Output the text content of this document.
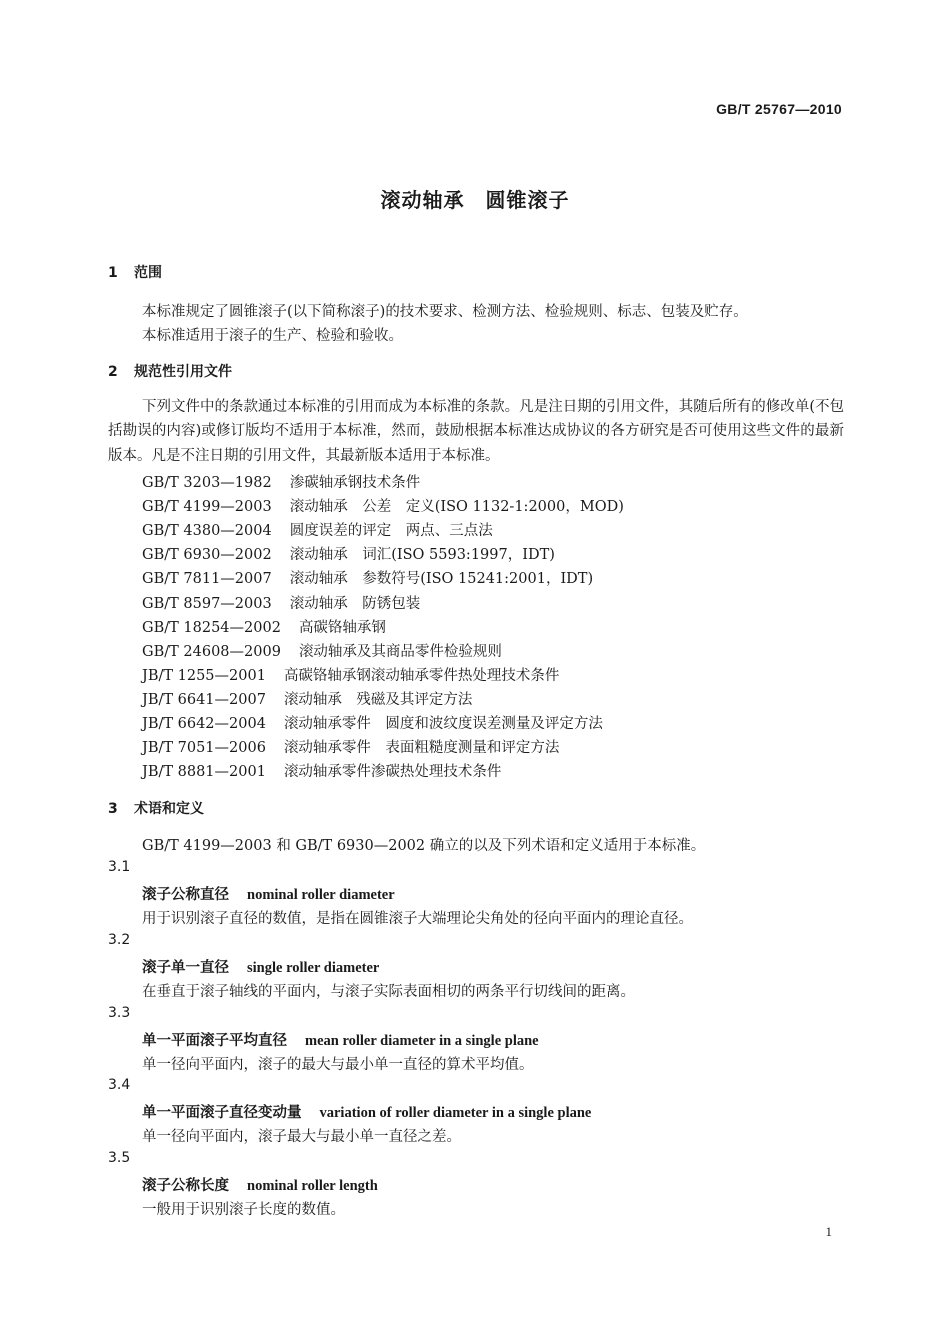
GB/T 25767—2010
滚动轴承　圆锥滚子
1 范围
本标准规定了圆锥滚子(以下简称滚子)的技术要求、检测方法、检验规则、标志、包装及贮存。
本标准适用于滚子的生产、检验和验收。
2 规范性引用文件
下列文件中的条款通过本标准的引用而成为本标准的条款。凡是注日期的引用文件，其随后所有的修改单(不包括勘误的内容)或修订版均不适用于本标准，然而，鼓励根据本标准达成协议的各方研究是否可使用这些文件的最新版本。凡是不注日期的引用文件，其最新版本适用于本标准。
GB/T 3203—1982 渗碳轴承钢技术条件
GB/T 4199—2003 滚动轴承　公差　定义(ISO 1132-1:2000，MOD)
GB/T 4380—2004 圆度误差的评定　两点、三点法
GB/T 6930—2002 滚动轴承　词汇(ISO 5593:1997，IDT)
GB/T 7811—2007 滚动轴承　参数符号(ISO 15241:2001，IDT)
GB/T 8597—2003 滚动轴承　防锈包装
GB/T 18254—2002 高碳铬轴承钢
GB/T 24608—2009 滚动轴承及其商品零件检验规则
JB/T 1255—2001 高碳铬轴承钢滚动轴承零件热处理技术条件
JB/T 6641—2007 滚动轴承　残磁及其评定方法
JB/T 6642—2004 滚动轴承零件　圆度和波纹度误差测量及评定方法
JB/T 7051—2006 滚动轴承零件　表面粗糙度测量和评定方法
JB/T 8881—2001 滚动轴承零件渗碳热处理技术条件
3 术语和定义
GB/T 4199—2003 和 GB/T 6930—2002 确立的以及下列术语和定义适用于本标准。
3.1
滚子公称直径 nominal roller diameter
用于识别滚子直径的数值，是指在圆锥滚子大端理论尖角处的径向平面内的理论直径。
3.2
滚子单一直径 single roller diameter
在垂直于滚子轴线的平面内，与滚子实际表面相切的两条平行切线间的距离。
3.3
单一平面滚子平均直径 mean roller diameter in a single plane
单一径向平面内，滚子的最大与最小单一直径的算术平均值。
3.4
单一平面滚子直径变动量 variation of roller diameter in a single plane
单一径向平面内，滚子最大与最小单一直径之差。
3.5
滚子公称长度 nominal roller length
一般用于识别滚子长度的数值。
1
